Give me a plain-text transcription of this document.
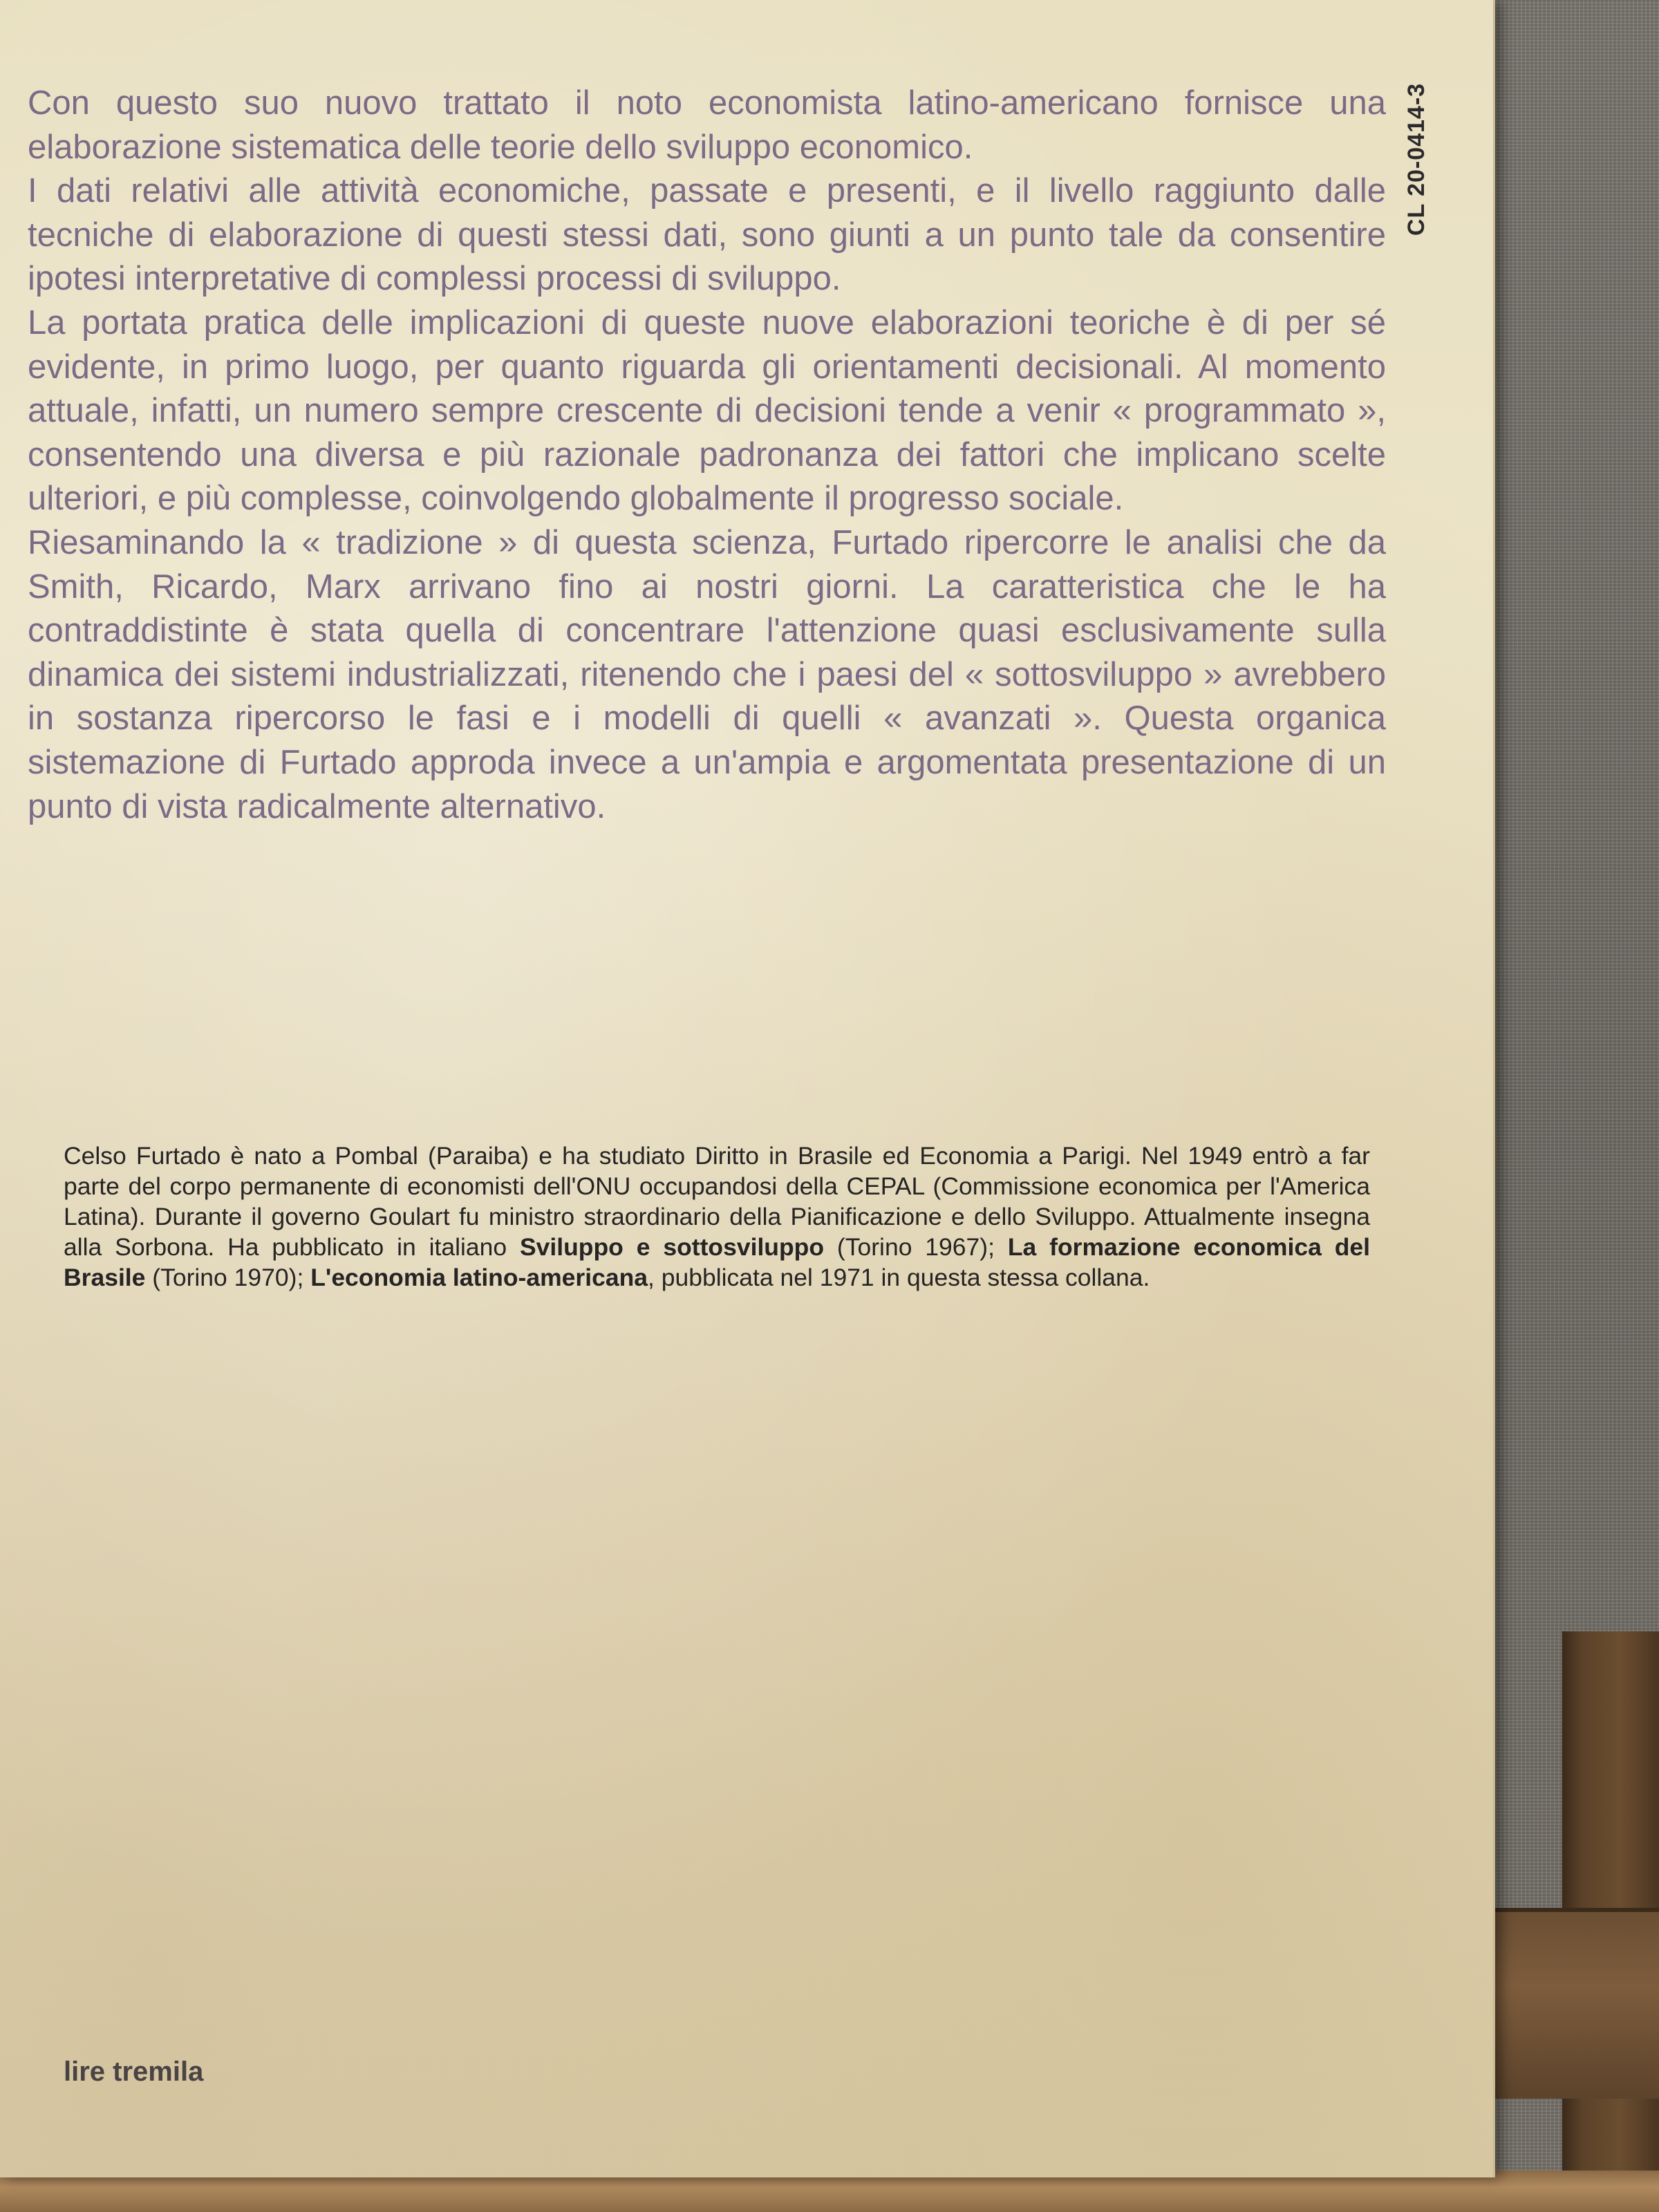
CL 20-0414-3

Con questo suo nuovo trattato il noto economista latino-americano fornisce una elaborazione sistematica delle teorie dello sviluppo economico.

I dati relativi alle attività economiche, passate e presenti, e il livello raggiunto dalle tecniche di elaborazione di questi stessi dati, sono giunti a un punto tale da consentire ipotesi interpretative di complessi processi di sviluppo.

La portata pratica delle implicazioni di queste nuove elaborazioni teoriche è di per sé evidente, in primo luogo, per quanto riguarda gli orientamenti decisionali. Al momento attuale, infatti, un numero sempre crescente di decisioni tende a venir « programmato », consentendo una diversa e più razionale padronanza dei fattori che implicano scelte ulteriori, e più complesse, coinvolgendo globalmente il progresso sociale.

Riesaminando la « tradizione » di questa scienza, Furtado ripercorre le analisi che da Smith, Ricardo, Marx arrivano fino ai nostri giorni. La caratteristica che le ha contraddistinte è stata quella di concentrare l'attenzione quasi esclusivamente sulla dinamica dei sistemi industrializzati, ritenendo che i paesi del « sottosviluppo » avrebbero in sostanza ripercorso le fasi e i modelli di quelli « avanzati ». Questa organica sistemazione di Furtado approda invece a un'ampia e argomentata presentazione di un punto di vista radicalmente alternativo.

Celso Furtado è nato a Pombal (Paraiba) e ha studiato Diritto in Brasile ed Economia a Parigi. Nel 1949 entrò a far parte del corpo permanente di economisti dell'ONU occupandosi della CEPAL (Commissione economica per l'America Latina). Durante il governo Goulart fu ministro straordinario della Pianificazione e dello Sviluppo. Attualmente insegna alla Sorbona. Ha pubblicato in italiano Sviluppo e sottosviluppo (Torino 1967); La formazione economica del Brasile (Torino 1970); L'economia latino-americana, pubblicata nel 1971 in questa stessa collana.

lire tremila
